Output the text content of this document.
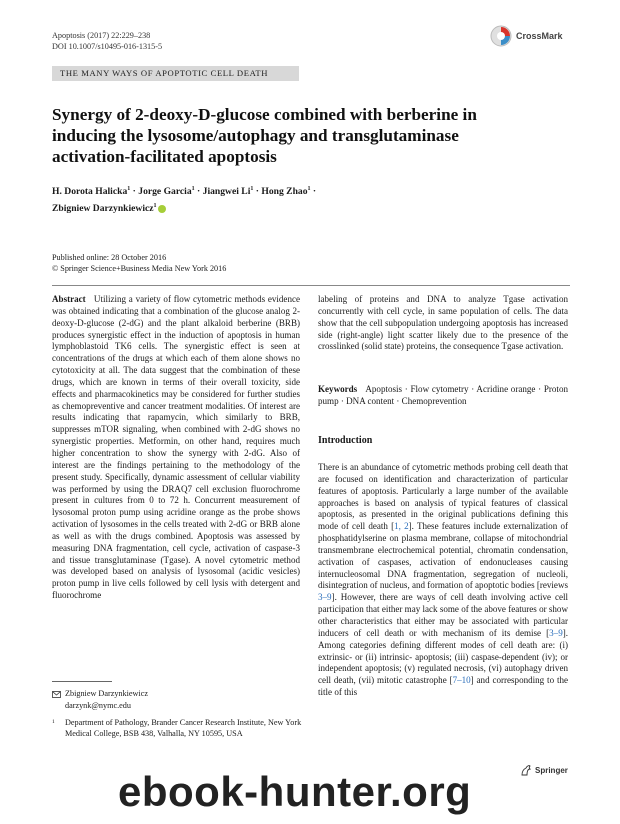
Apoptosis (2017) 22:229–238
DOI 10.1007/s10495-016-1315-5
CrossMark
THE MANY WAYS OF APOPTOTIC CELL DEATH
Synergy of 2-deoxy-D-glucose combined with berberine in inducing the lysosome/autophagy and transglutaminase activation-facilitated apoptosis
H. Dorota Halicka$^1$ · Jorge Garcia$^1$ · Jiangwei $Li^1$ · Hong Zhao$^1$ ·
Zbigniew Darzynkiewicz$^1$
Published online: 28 October 2016
© Springer Science+Business Media New York 2016

Abstract Utilizing a variety of flow cytometric methods evidence was obtained indicating that a combination of the glucose analog 2-deoxy-D-glucose (2-dG) and the plant alkaloid berberine (BRB) produces synergistic effect in the induction of apoptosis in human lymphoblastoid TK6 cells. The synergistic effect is seen at concentrations of the drugs at which each of them alone shows no cytotoxicity at all. The data suggest that the combination of these drugs, which are known in terms of their overall toxicity, side effects and pharmacokinetics may be considered for further studies as chemopreventive and cancer treatment modalities. Of interest are results indicating that rapamycin, which similarly to BRB, suppresses mTOR signaling, when combined with 2-dG shows no synergistic properties. Metformin, on other hand, requires much higher concentration to show the synergy with 2-dG. Also of interest are the findings pertaining to the methodology of the present study. Specifically, dynamic assessment of cellular viability was performed by using the DRAQ7 cell exclusion fluorochrome present in cultures from 0 to 72 h. Concurrent measurement of lysosomal proton pump using acridine orange as the probe shows activation of lysosomes in the cells treated with 2-dG or BRB alone as well as with the drugs combined. Apoptosis was assessed by measuring DNA fragmentation, cell cycle, activation of caspase-3 and tissue transglutaminase (Tgase). A novel cytometric method was developed based on analysis of lysosomal (acidic vesicles) proton pump in live cells followed by cell lysis with detergent and fluorochrome

labeling of proteins and DNA to analyze Tgase activation concurrently with cell cycle, in same population of cells. The data show that the cell subpopulation undergoing apoptosis has increased side (right-angle) light scatter likely due to the presence of the crosslinked (solid state) proteins, the consequence Tgase activation.

Keywords Apoptosis · Flow cytometry · Acridine orange · Proton pump · DNA content · Chemoprevention

Introduction

There is an abundance of cytometric methods probing cell death that are focused on identification and characterization of particular features of apoptosis. Particularly a large number of the available approaches is based on analysis of typical features of classical apoptosis, as presented in the original publications defining this mode of cell death [1, 2]. These features include externalization of phosphatidylserine on plasma membrane, collapse of mitochondrial transmembrane electrochemical potential, chromatin condensation, activation of caspases, activation of endonucleases causing internucleosomal DNA fragmentation, segregation of nucleoli, disintegration of nucleus, and formation of apoptotic bodies [reviews 3–9]. However, there are ways of cell death involving active cell participation that either may lack some of the above features or show other characteristics that either may be associated with particular inducers of cell death or with mechanism of its demise [3–9]. Among categories defining different modes of cell death are: (i) extrinsic- or (ii) intrinsic- apoptosis; (iii) caspase-dependent (iv); or independent apoptosis; (v) regulated necrosis, (vi) autophagy driven cell death, (vii) mitotic catastrophe [7–10] and corresponding to the title of this

Zbigniew Darzynkiewicz
darzynk@nymc.edu
1	Department of Pathology, Brander Cancer Research Institute, New York Medical College, BSB 438, Valhalla, NY 10595, USA
Springer
ebook-hunter.org
